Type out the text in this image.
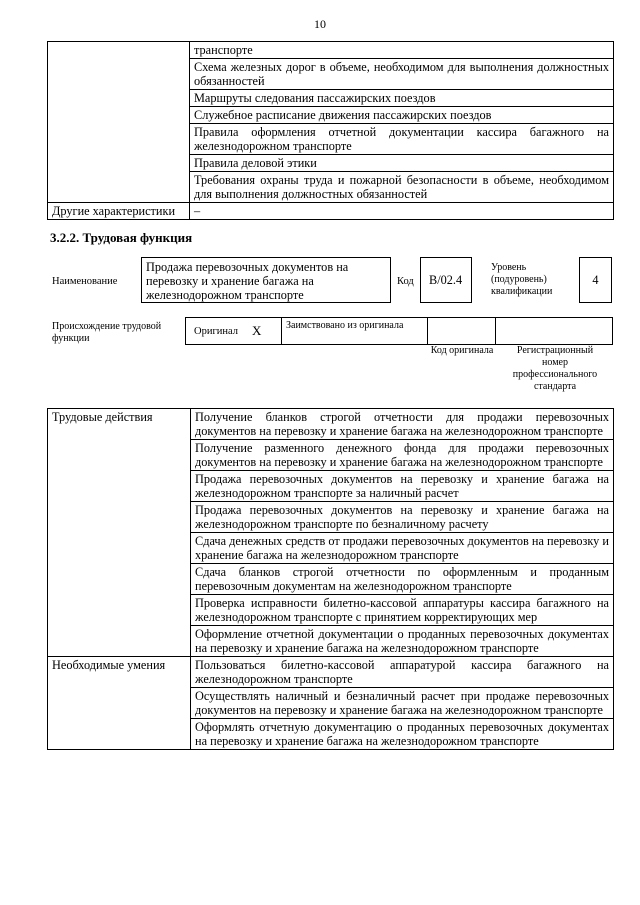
10
	транспорте
	Схема железных дорог в объеме, необходимом для выполнения должностных обязанностей
	Маршруты следования пассажирских поездов
	Служебное расписание движения пассажирских поездов
	Правила оформления отчетной документации кассира багажного на железнодорожном транспорте
	Правила деловой этики
	Требования охраны труда и пожарной безопасности в объеме, необходимом для выполнения должностных обязанностей
Другие характеристики	–
3.2.2. Трудовая функция
Наименование
Продажа перевозочных документов на перевозку и хранение багажа на железнодорожном транспорте
Код	B/02.4
Уровень (подуровень) квалификации
4
Происхождение трудовой функции
Оригинал X	Заимствовано из оригинала
Код оригинала	Регистрационный номер профессионального стандарта
Трудовые действия	Получение бланков строгой отчетности для продажи перевозочных документов на перевозку и хранение багажа на железнодорожном транспорте
	Получение разменного денежного фонда для продажи перевозочных документов на перевозку и хранение багажа на железнодорожном транспорте
	Продажа перевозочных документов на перевозку и хранение багажа на железнодорожном транспорте за наличный расчет
	Продажа перевозочных документов на перевозку и хранение багажа на железнодорожном транспорте по безналичному расчету
	Сдача денежных средств от продажи перевозочных документов на перевозку и хранение багажа на железнодорожном транспорте
	Сдача бланков строгой отчетности по оформленным и проданным перевозочным документам на железнодорожном транспорте
	Проверка исправности билетно-кассовой аппаратуры кассира багажного на железнодорожном транспорте с принятием корректирующих мер
	Оформление отчетной документации о проданных перевозочных документах на перевозку и хранение багажа на железнодорожном транспорте
Необходимые умения	Пользоваться билетно-кассовой аппаратурой кассира багажного на железнодорожном транспорте
	Осуществлять наличный и безналичный расчет при продаже перевозочных документов на перевозку и хранение багажа на железнодорожном транспорте
	Оформлять отчетную документацию о проданных перевозочных документах на перевозку и хранение багажа на железнодорожном транспорте
